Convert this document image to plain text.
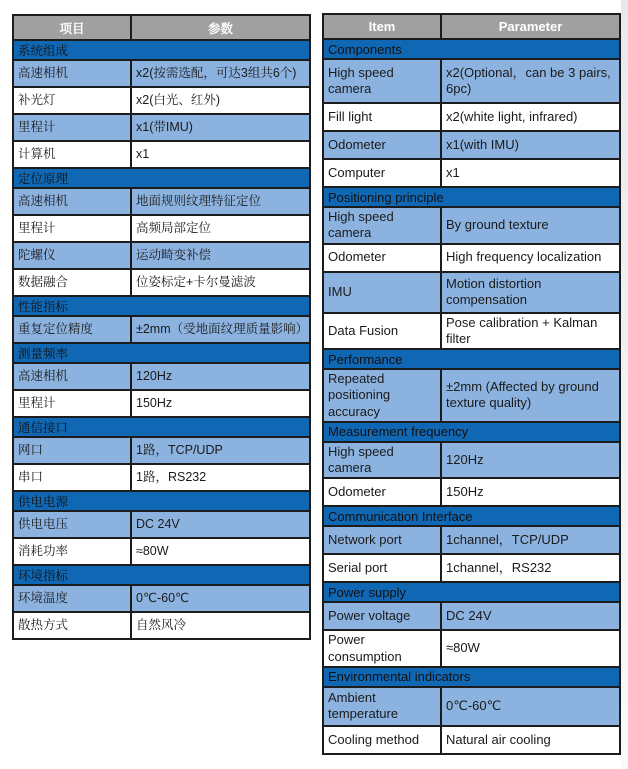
项目	参数
系统组成	
高速相机	x2(按需选配，可达3组共6个)
补光灯	x2(白光、红外)
里程计	x1(带IMU)
计算机	x1
定位原理	
高速相机	地面规则纹理特征定位
里程计	高频局部定位
陀螺仪	运动畸变补偿
数据融合	位姿标定+卡尔曼滤波
性能指标	
重复定位精度	±2mm（受地面纹理质量影响）
测量频率	
高速相机	120Hz
里程计	150Hz
通信接口	
网口	1路，TCP/UDP
串口	1路，RS232
供电电源	
供电电压	DC 24V
消耗功率	≈80W
环境指标	
环境温度	0℃-60℃
散热方式	自然风冷
Item	Parameter
Components	
High speed camera	x2(Optional，can be 3 pairs, 6pc)
Fill light	x2(white light, infrared)
Odometer	x1(with IMU)
Computer	x1
Positioning principle	
High speed camera	By ground texture
Odometer	High frequency localization
IMU	Motion distortion compensation
Data Fusion	Pose calibration + Kalman filter
Performance	
Repeated positioning accuracy	±2mm (Affected by ground texture quality)
Measurement frequency	
High speed camera	120Hz
Odometer	150Hz
Communication Interface	
Network port	1channel，TCP/UDP
Serial port	1channel，RS232
Power supply	
Power voltage	DC 24V
Power consumption	≈80W
Environmental indicators	
Ambient temperature	0℃-60℃
Cooling method	Natural air cooling
